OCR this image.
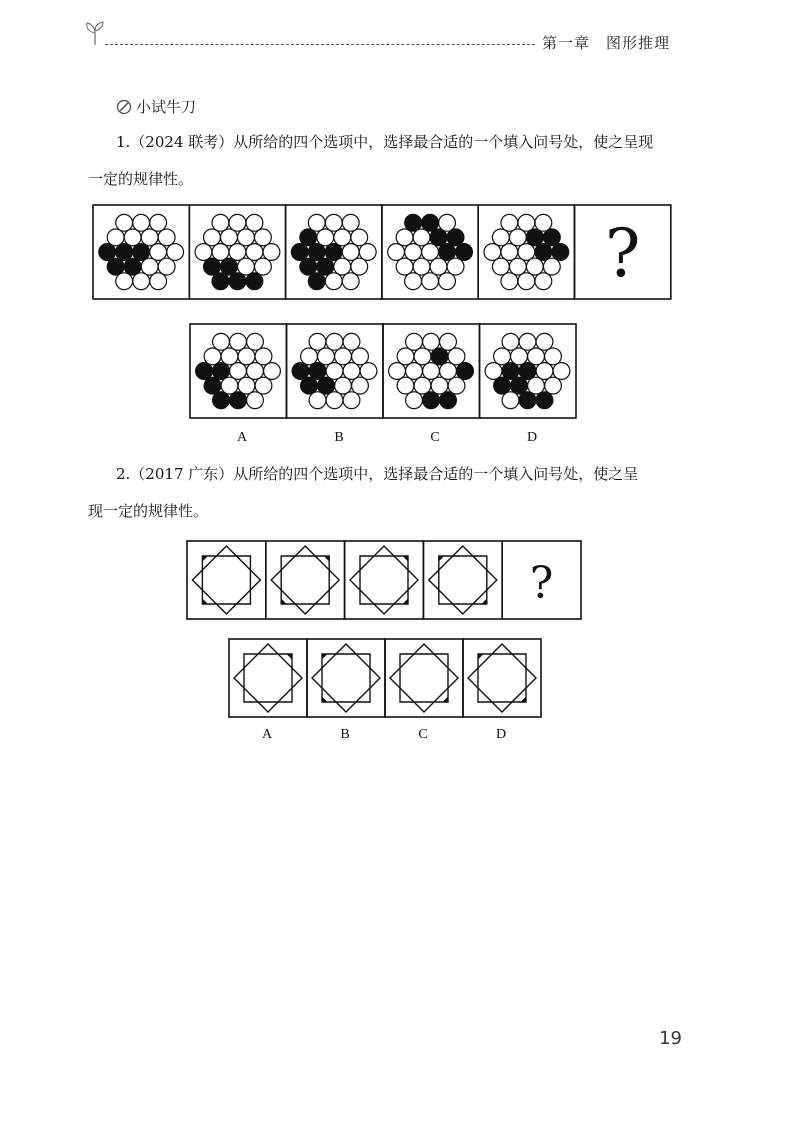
第一章　图形推理
小试牛刀
1.（2024 联考）从所给的四个选项中，选择最合适的一个填入问号处，使之呈现
一定的规律性。
?
A	B	C	D
2.（2017 广东）从所给的四个选项中，选择最合适的一个填入问号处，使之呈
现一定的规律性。
?
A	B	C	D
19
